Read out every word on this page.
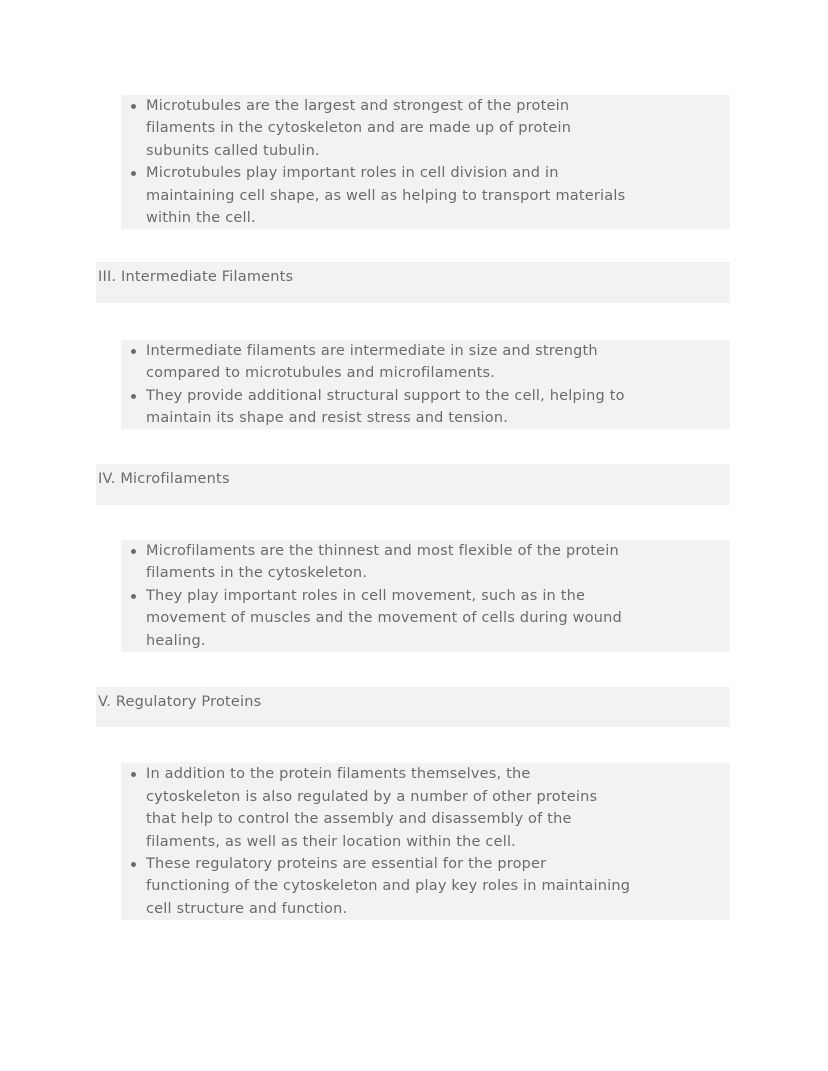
Microtubules are the largest and strongest of the protein
filaments in the cytoskeleton and are made up of protein
subunits called tubulin.
Microtubules play important roles in cell division and in
maintaining cell shape, as well as helping to transport materials
within the cell.
III. Intermediate Filaments
Intermediate filaments are intermediate in size and strength
compared to microtubules and microfilaments.
They provide additional structural support to the cell, helping to
maintain its shape and resist stress and tension.
IV. Microfilaments
Microfilaments are the thinnest and most flexible of the protein
filaments in the cytoskeleton.
They play important roles in cell movement, such as in the
movement of muscles and the movement of cells during wound
healing.
V. Regulatory Proteins
In addition to the protein filaments themselves, the
cytoskeleton is also regulated by a number of other proteins
that help to control the assembly and disassembly of the
filaments, as well as their location within the cell.
These regulatory proteins are essential for the proper
functioning of the cytoskeleton and play key roles in maintaining
cell structure and function.
